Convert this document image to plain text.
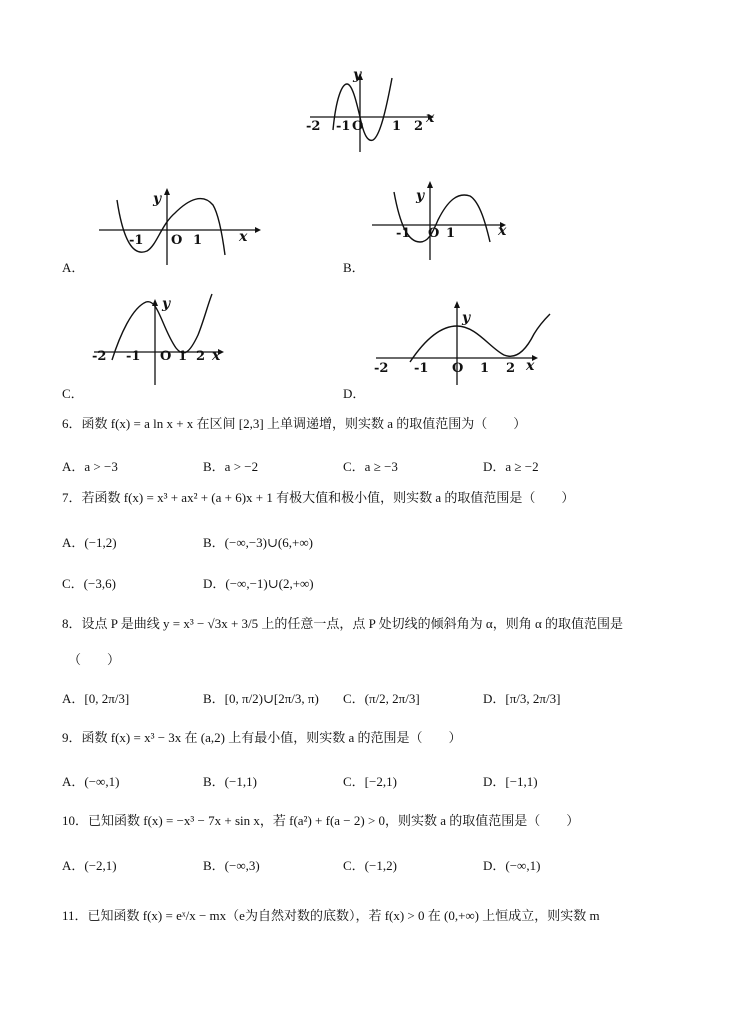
y
x
-2 -1 O 1 2
y
x
-1 O 1
A．
y
x
-1 O 1
B．
y
x
-2 -1 O 1 2
C．
y
x
-2 -1 O 1 2
D．
6．函数 f(x) = a ln x + x 在区间 [2,3] 上单调递增，则实数 a 的取值范围为（　　）
A．a > −3	B．a > −2	C．a ≥ −3	D．a ≥ −2
7．若函数 f(x) = x³ + ax² + (a + 6)x + 1 有极大值和极小值，则实数 a 的取值范围是（　　）
A．(−1,2)	B．(−∞,−3)∪(6,+∞)
C．(−3,6)	D．(−∞,−1)∪(2,+∞)
8．设点 P 是曲线 y = x³ − √3x + 3/5 上的任意一点，点 P 处切线的倾斜角为 α，则角 α 的取值范围是
（　　）
A．[0, 2π/3]	B．[0, π/2)∪[2π/3, π) C．(π/2, 2π/3]	D．[π/3, 2π/3]
9．函数 f(x) = x³ − 3x 在 (a,2) 上有最小值，则实数 a 的范围是（　　）
A．(−∞,1)	B．(−1,1)	C．[−2,1)	D．[−1,1)
10．已知函数 f(x) = −x³ − 7x + sin x，若 f(a²) + f(a − 2) > 0，则实数 a 的取值范围是（　　）
A．(−2,1)	B．(−∞,3)	C．(−1,2)	D．(−∞,1)
11．已知函数 f(x) = eˣ/x − mx（e为自然对数的底数），若 f(x) > 0 在 (0,+∞) 上恒成立，则实数 m
